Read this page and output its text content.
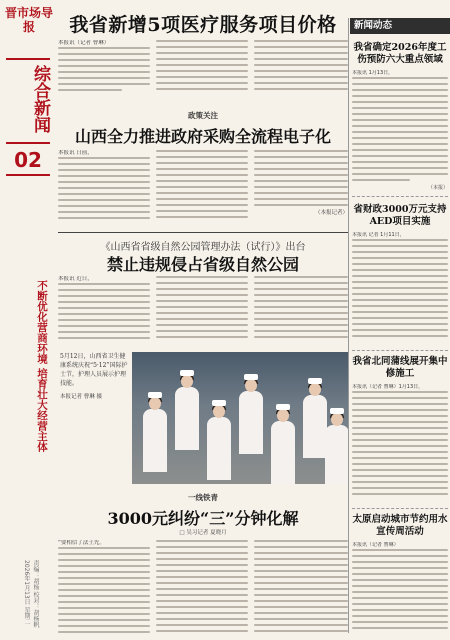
晋市场导报
综合新闻
02
不断优化营商环境 培育壮大经营主体
责编：胡杨 校对：胡杨帆 2026年1月13日 星期二
我省新增5项医疗服务项目价格
本报讯（记者 曹琳）
政策关注
山西全力推进政府采购全流程电子化
本报讯 日前，
（本报记者）
《山西省省级自然公园管理办法（试行）》出台
禁止违规侵占省级自然公园
本报讯 近日，
5月12日，山西省卫生健康系统庆祝“5·12”国际护士节，护理人员展示护理技能。
本报记者 曹琳 摄
一线铁青
3000元纠纷“三”分钟化解
□ 吴习记者 夏晓月
“要相信了法土先。
新闻动态
我省确定2026年度工伤预防六大重点领域
本报讯 1月13日，
（本报）
省财政3000万元支持AED项目实施
本报讯 记者 1月11日，
我省北同蒲线展开集中修施工
本报讯（记者 曹琳）1月13日，
太原启动城市节约用水宣传周活动
本报讯（记者 曹琳）
